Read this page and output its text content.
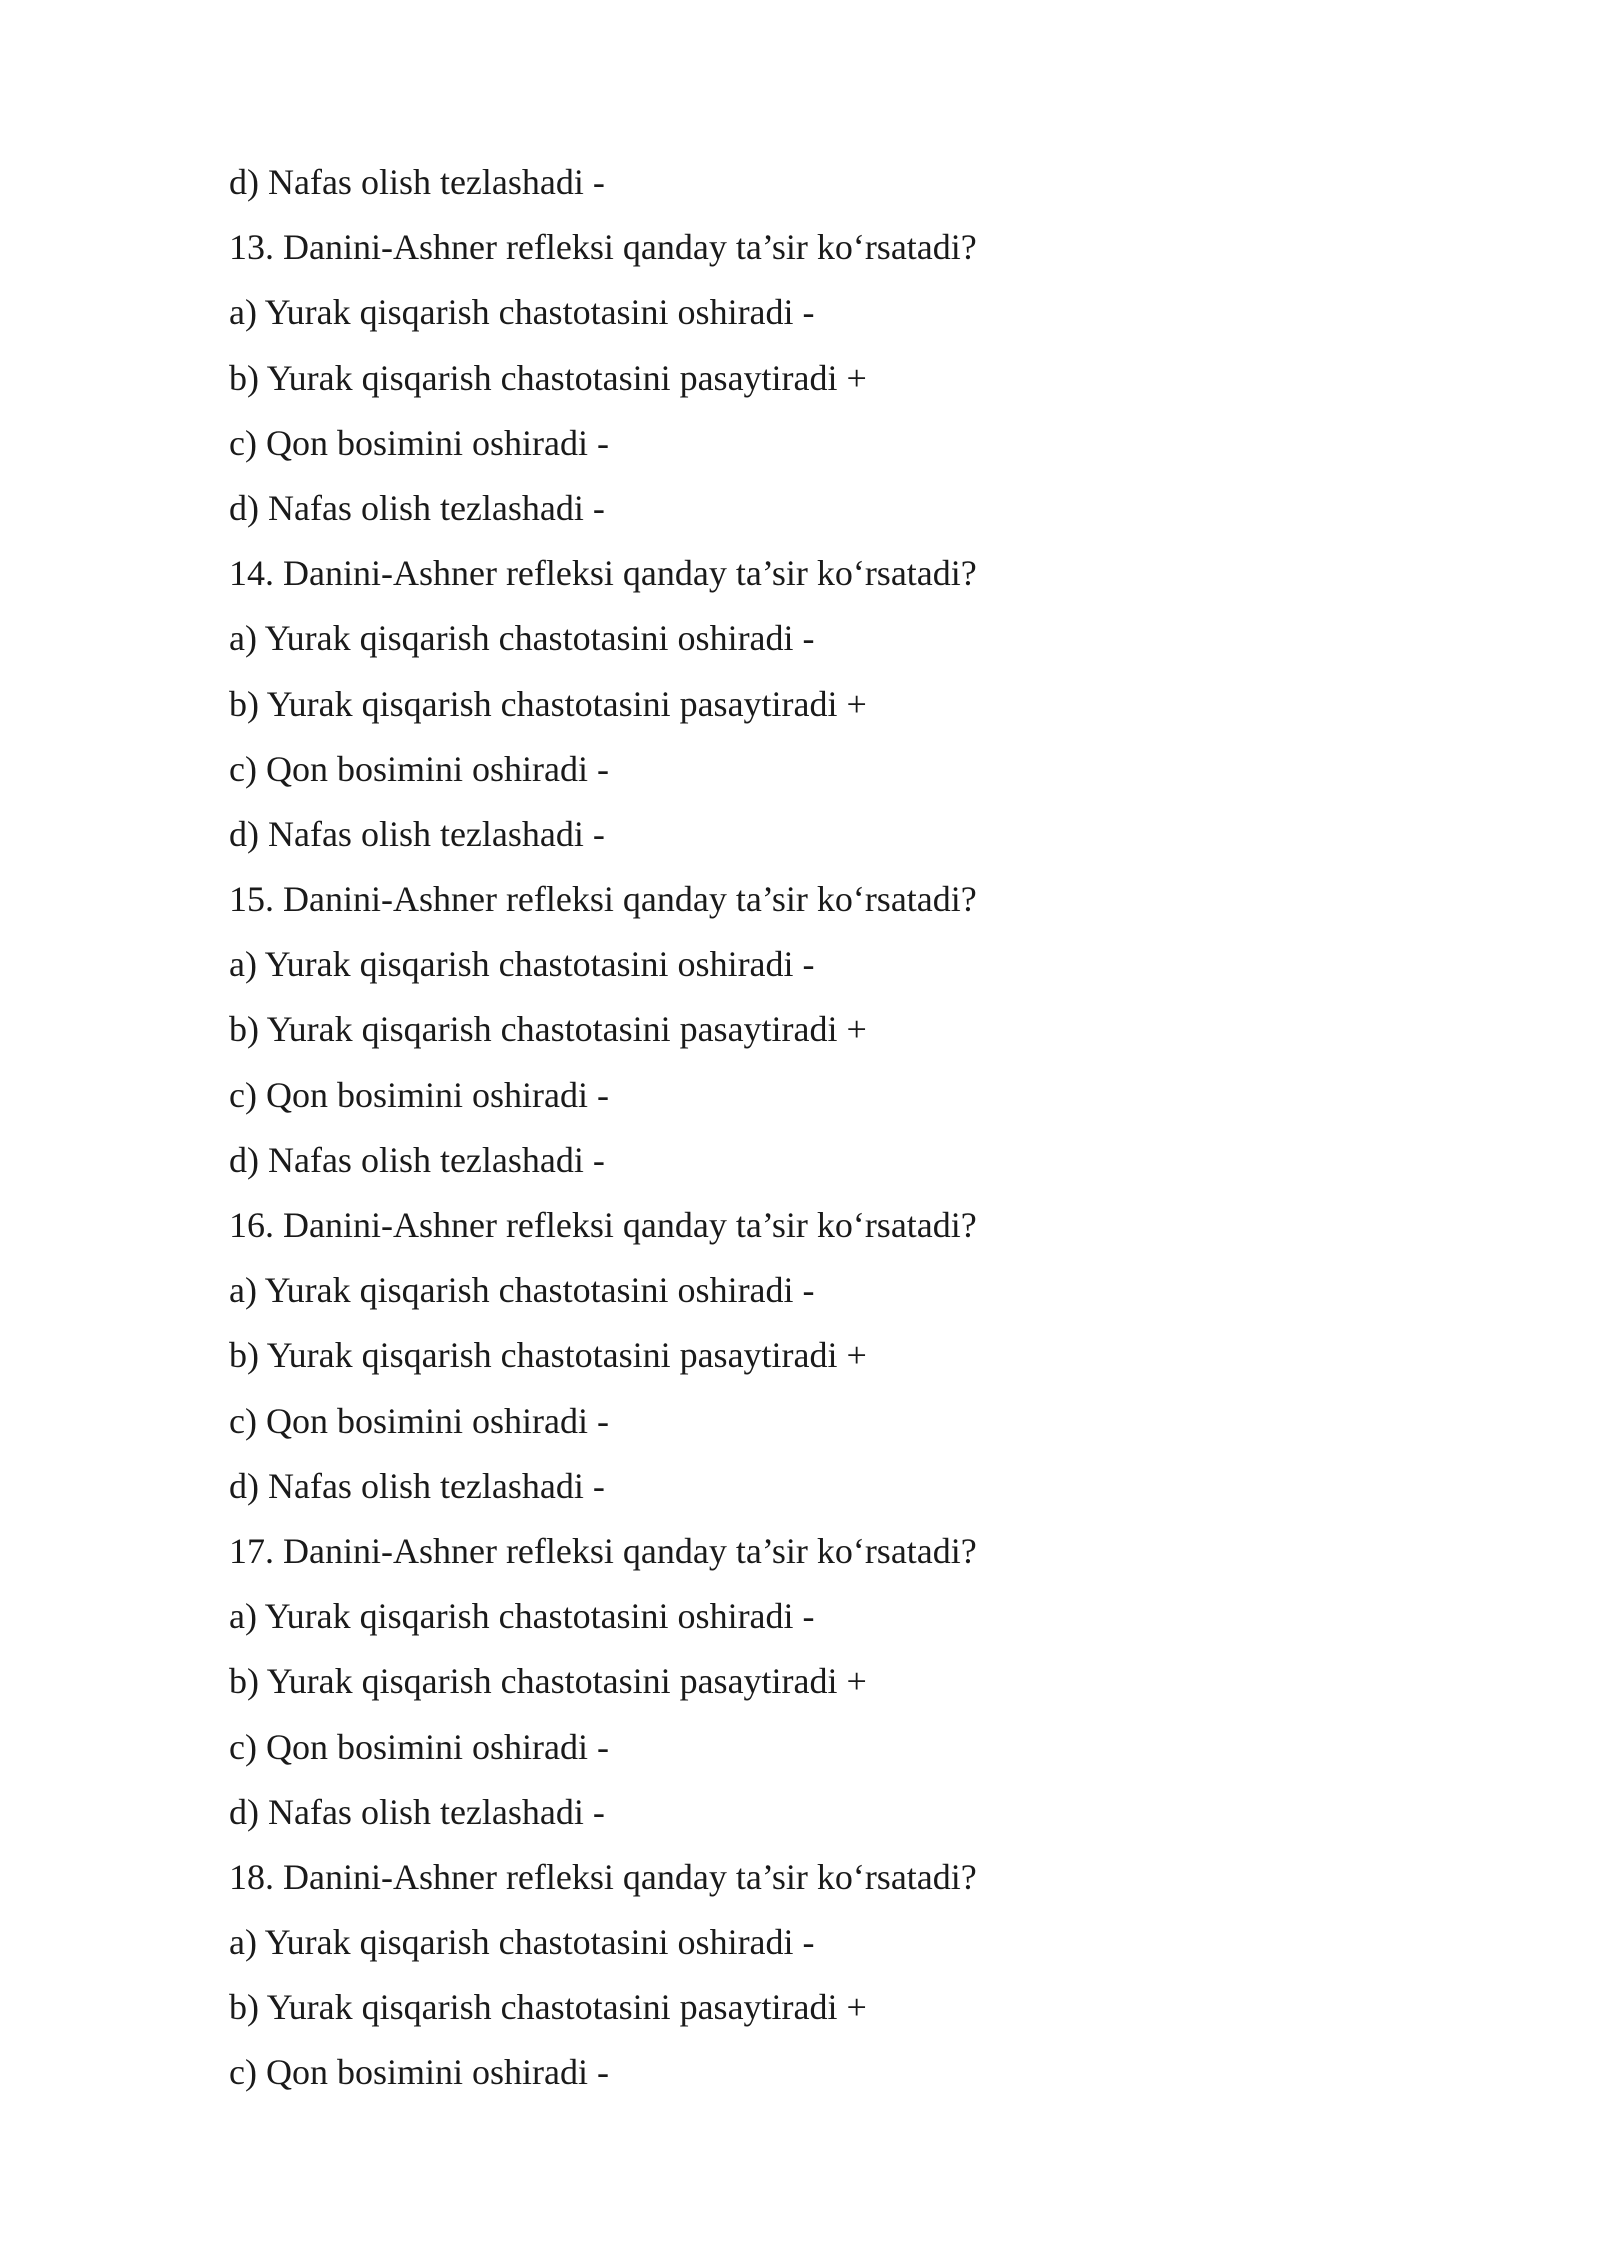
d) Nafas olish tezlashadi -

13. Danini-Ashner refleksi qanday ta’sir ko‘rsatadi?

a) Yurak qisqarish chastotasini oshiradi -

b) Yurak qisqarish chastotasini pasaytiradi +

c) Qon bosimini oshiradi -

d) Nafas olish tezlashadi -

14. Danini-Ashner refleksi qanday ta’sir ko‘rsatadi?

a) Yurak qisqarish chastotasini oshiradi -

b) Yurak qisqarish chastotasini pasaytiradi +

c) Qon bosimini oshiradi -

d) Nafas olish tezlashadi -

15. Danini-Ashner refleksi qanday ta’sir ko‘rsatadi?

a) Yurak qisqarish chastotasini oshiradi -

b) Yurak qisqarish chastotasini pasaytiradi +

c) Qon bosimini oshiradi -

d) Nafas olish tezlashadi -

16. Danini-Ashner refleksi qanday ta’sir ko‘rsatadi?

a) Yurak qisqarish chastotasini oshiradi -

b) Yurak qisqarish chastotasini pasaytiradi +

c) Qon bosimini oshiradi -

d) Nafas olish tezlashadi -

17. Danini-Ashner refleksi qanday ta’sir ko‘rsatadi?

a) Yurak qisqarish chastotasini oshiradi -

b) Yurak qisqarish chastotasini pasaytiradi +

c) Qon bosimini oshiradi -

d) Nafas olish tezlashadi -

18. Danini-Ashner refleksi qanday ta’sir ko‘rsatadi?

a) Yurak qisqarish chastotasini oshiradi -

b) Yurak qisqarish chastotasini pasaytiradi +

c) Qon bosimini oshiradi -
